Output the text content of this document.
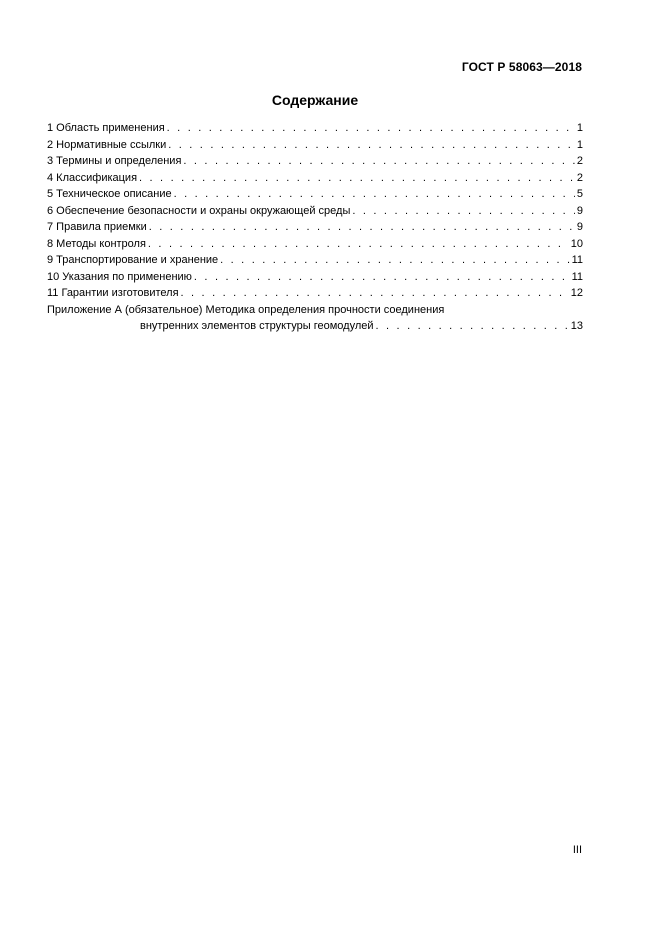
ГОСТ Р 58063—2018
Содержание
1 Область применения . . .	1
2 Нормативные ссылки . . .	1
3 Термины и определения . . .	2
4 Классификация . . .	2
5 Техническое описание . . .	5
6 Обеспечение безопасности и охраны окружающей среды . . .	9
7 Правила приемки . . .	9
8 Методы контроля . . .	10
9 Транспортирование и хранение . . .	11
10 Указания по применению . . .	11
11 Гарантии изготовителя . . .	12
Приложение А (обязательное) Методика определения прочности соединения
внутренних элементов структуры геомодулей . . .	13
III
